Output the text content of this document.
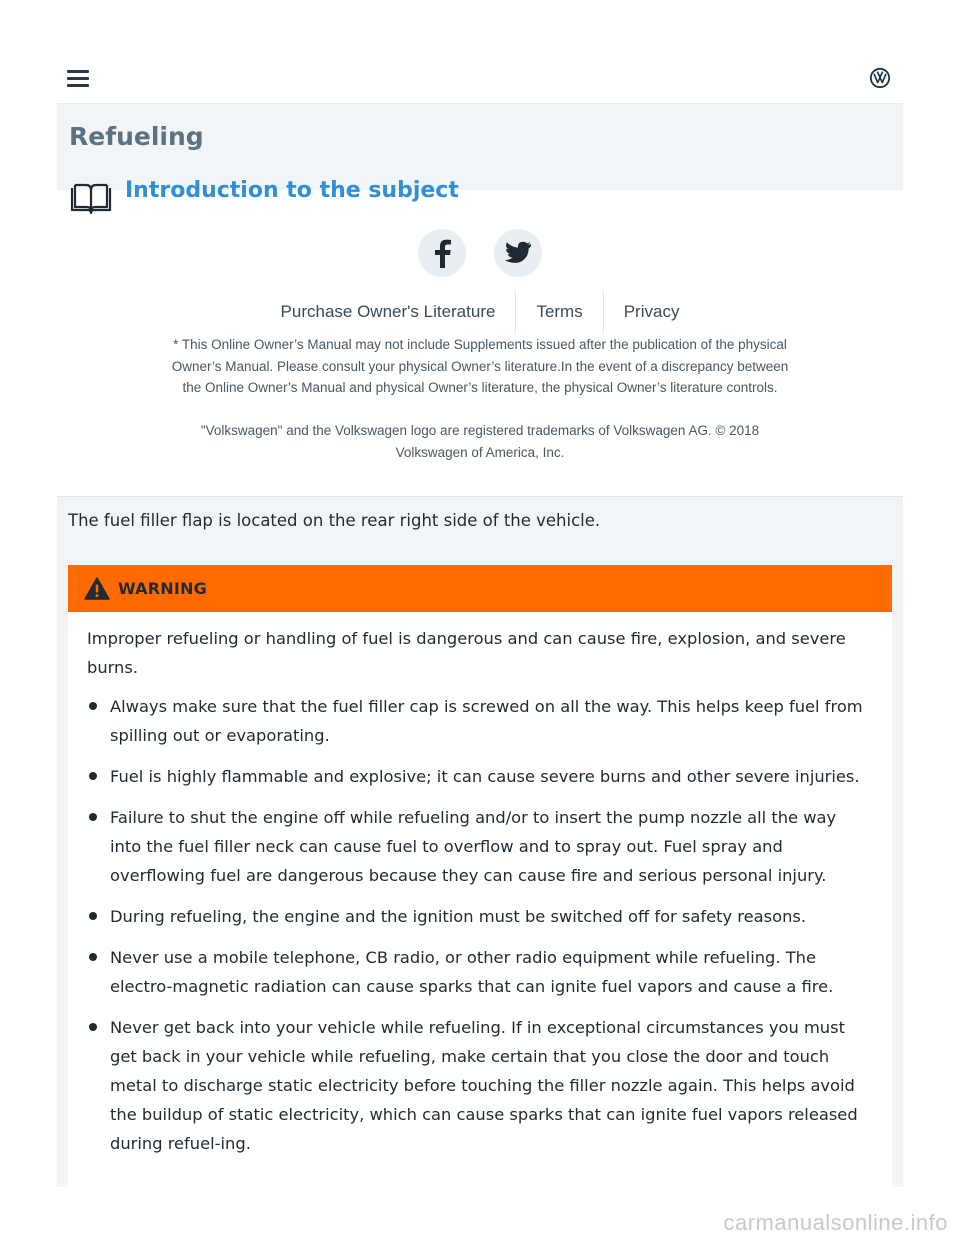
Refueling
Introduction to the subject
Purchase Owner's Literature	Terms	Privacy

* This Online Owner’s Manual may not include Supplements issued after the publication of the physical Owner’s Manual. Please consult your physical Owner’s literature.In the event of a discrepancy between the Online Owner’s Manual and physical Owner’s literature, the physical Owner’s literature controls.

"Volkswagen" and the Volkswagen logo are registered trademarks of Volkswagen AG. © 2018 Volkswagen of America, Inc.

The fuel filler flap is located on the rear right side of the vehicle.

WARNING

Improper refueling or handling of fuel is dangerous and can cause fire, explosion, and severe burns.

Always make sure that the fuel filler cap is screwed on all the way. This helps keep fuel from spilling out or evaporating.
Fuel is highly flammable and explosive; it can cause severe burns and other severe injuries.
Failure to shut the engine off while refueling and/or to insert the pump nozzle all the way into the fuel filler neck can cause fuel to overflow and to spray out. Fuel spray and overflowing fuel are dangerous because they can cause fire and serious personal injury.
During refueling, the engine and the ignition must be switched off for safety reasons.
Never use a mobile telephone, CB radio, or other radio equipment while refueling. The electro-magnetic radiation can cause sparks that can ignite fuel vapors and cause a fire.
Never get back into your vehicle while refueling. If in exceptional circumstances you must get back in your vehicle while refueling, make certain that you close the door and touch metal to discharge static electricity before touching the filler nozzle again. This helps avoid the buildup of static electricity, which can cause sparks that can ignite fuel vapors released during refuel-ing.
carmanualsonline.info
